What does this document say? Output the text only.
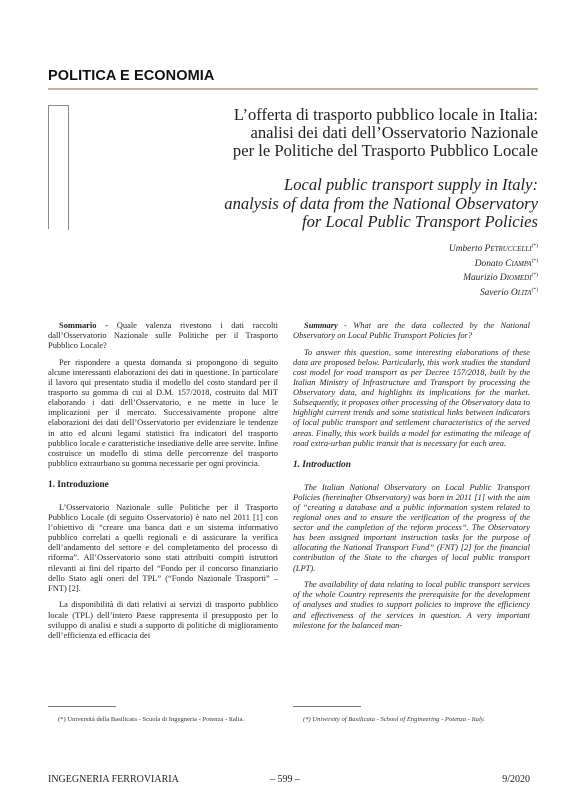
POLITICA E ECONOMIA
L’offerta di trasporto pubblico locale in Italia:
analisi dei dati dell’Osservatorio Nazionale
per le Politiche del Trasporto Pubblico Locale
Local public transport supply in Italy:
analysis of data from the National Observatory
for Local Public Transport Policies
Umberto Petruccelli(*)
Donato Ciampa(*)
Maurizio Diomedi(*)
Saverio Olita(*)

Sommario - Quale valenza rivestono i dati raccolti dall’Osservatorio Nazionale sulle Politiche per il Trasporto Pubblico Locale?

Per rispondere a questa domanda si propongono di seguito alcune interessanti elaborazioni dei dati in questione. In particolare il lavoro qui presentato studia il modello del costo standard per il trasporto su gomma di cui al D.M. 157/2018, costruito dal MIT elaborando i dati dell’Osservatorio, e ne mette in luce le implicazioni per il mercato. Successivamente propone altre elaborazioni dei dati dell’Osservatorio per evidenziare le tendenze in atto ed alcuni legami statistici fra indicatori del trasporto pubblico locale e caratteristiche insediative delle aree servite. Infine costruisce un modello di stima delle percorrenze del trasporto pubblico extraurbano su gomma necessarie per ogni provincia.

1. Introduzione

L’Osservatorio Nazionale sulle Politiche per il Trasporto Pubblico Locale (di seguito Osservatorio) è nato nel 2011 [1] con l’obiettivo di “creare una banca dati e un sistema informativo pubblico correlati a quelli regionali e di assicurare la verifica dell’andamento del settore e del completamento del processo di riforma”. All’Osservatorio sono stati attribuiti compiti istruttori rilevanti ai fini del riparto del “Fondo per il concorso finanziario dello Stato agli oneri del TPL” (“Fondo Nazionale Trasporti” – FNT) [2].

La disponibilità di dati relativi ai servizi di trasporto pubblico locale (TPL) dell’intero Paese rappresenta il presupposto per lo sviluppo di analisi e studi a supporto di politiche di miglioramento dell’efficienza ed efficacia dei

Summary - What are the data collected by the National Observatory on Local Public Transport Policies for?

To answer this question, some interesting elaborations of these data are proposed below. Particularly, this work studies the standard cost model for road transport as per Decree 157/2018, built by the Italian Ministry of Infrastructure and Transport by processing the Observatory data, and highlights its implications for the market. Subsequently, it proposes other processing of the Observatory data to highlight current trends and some statistical links between indicators of local public transport and settlement characteristics of the served areas. Finally, this work builds a model for estimating the mileage of road extra-urban public transit that is necessary for each area.

1. Introduction

The Italian National Observatory on Local Public Transport Policies (hereinafter Observatory) was born in 2011 [1] with the aim of “creating a database and a public information system related to regional ones and to ensure the verification of the progress of the sector and the completion of the reform process”. The Observatory has been assigned important instruction tasks for the purpose of allocating the National Transport Fund” (FNT) [2] for the financial contribution of the State to the charges of local public transport (LPT).

The availability of data relating to local public transport services of the whole Country represents the prerequisite for the development of analyses and studies to support policies to improve the efficiency and effectiveness of the services in question. A very important milestone for the balanced man-

(*) Università della Basilicata - Scuola di Ingegneria - Potenza - Italia.	(*) University of Basilicata - School of Engineering - Potenza - Italy.
INGEGNERIA FERROVIARIA	– 599 –	9/2020
